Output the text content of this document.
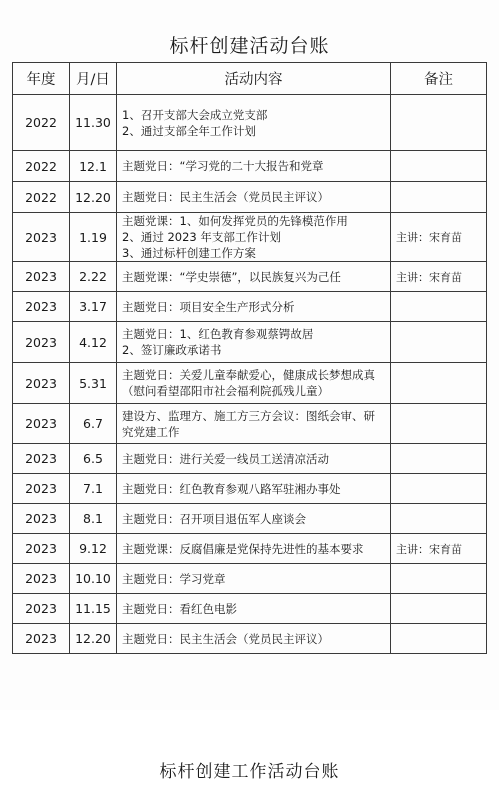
标杆创建活动台账
年度	月/日	活动内容	备注
2022	11.30	1、召开支部大会成立党支部
2、通过支部全年工作计划	

2022	12.1	主题党日：“学习党的二十大报告和党章	

2022	12.20	主题党日：民主生活会（党员民主评议）	

2023	1.19	主题党课：1、如何发挥党员的先锋模范作用
2、通过 2023 年支部工作计划
3、通过标杆创建工作方案	主讲：宋育苗
2023	2.22	主题党课：“学史崇德”，以民族复兴为己任	主讲：宋育苗
2023	3.17	主题党日：项目安全生产形式分析	

2023	4.12	主题党日：1、红色教育参观蔡锷故居
2、签订廉政承诺书	

2023	5.31	主题党日：关爱儿童奉献爱心，健康成长梦想成真
（慰问看望邵阳市社会福利院孤残儿童）	

2023	6.7	建设方、监理方、施工方三方会议：图纸会审、研
究党建工作	

2023	6.5	主题党日：进行关爱一线员工送清凉活动	

2023	7.1	主题党日：红色教育参观八路军驻湘办事处	

2023	8.1	主题党日：召开项目退伍军人座谈会	

2023	9.12	主题党课：反腐倡廉是党保持先进性的基本要求	主讲：宋育苗
2023	10.10	主题党日：学习党章	

2023	11.15	主题党日：看红色电影	

2023	12.20	主题党日：民主生活会（党员民主评议）	

标杆创建工作活动台账
